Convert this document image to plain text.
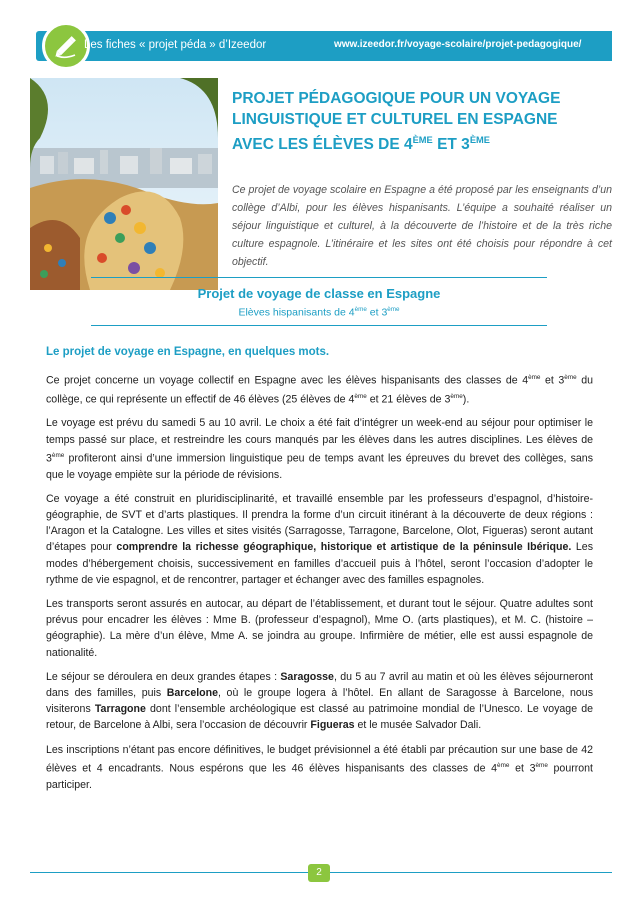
Les fiches « projet péda » d’Izeedor	www.izeedor.fr/voyage-scolaire/projet-pedagogique/
PROJET PÉDAGOGIQUE POUR UN VOYAGE
LINGUISTIQUE ET CULTUREL EN ESPAGNE
AVEC LES ÉLÈVES DE 4ÈME ET 3ÈME

Ce projet de voyage scolaire en Espagne a été proposé par les enseignants d’un collège d’Albi, pour les élèves hispanisants. L’équipe a souhaité réaliser un séjour linguistique et culturel, à la découverte de l’histoire et de la très riche culture espagnole. L’itinéraire et les sites ont été choisis pour répondre à cet objectif.

Projet de voyage de classe en Espagne

Elèves hispanisants de 4ème et 3ème

Le projet de voyage en Espagne, en quelques mots.

Ce projet concerne un voyage collectif en Espagne avec les élèves hispanisants des classes de 4ème et 3ème du collège, ce qui représente un effectif de 46 élèves (25 élèves de 4ème et 21 élèves de 3ème).

Le voyage est prévu du samedi 5 au 10 avril. Le choix a été fait d’intégrer un week-end au séjour pour optimiser le temps passé sur place, et restreindre les cours manqués par les élèves dans les autres disciplines. Les élèves de 3ème profiteront ainsi d’une immersion linguistique peu de temps avant les épreuves du brevet des collèges, sans que le voyage empiète sur la période de révisions.

Ce voyage a été construit en pluridisciplinarité, et travaillé ensemble par les professeurs d’espagnol, d’histoire-géographie, de SVT et d’arts plastiques. Il prendra la forme d’un circuit itinérant à la découverte de deux régions : l’Aragon et la Catalogne. Les villes et sites visités (Sarragosse, Tarragone, Barcelone, Olot, Figueras) seront autant d’étapes pour comprendre la richesse géographique, historique et artistique de la péninsule Ibérique. Les modes d’hébergement choisis, successivement en familles d’accueil puis à l’hôtel, seront l’occasion d’adopter le rythme de vie espagnol, et de rencontrer, partager et échanger avec des familles espagnoles.

Les transports seront assurés en autocar, au départ de l’établissement, et durant tout le séjour. Quatre adultes sont prévus pour encadrer les élèves : Mme B. (professeur d’espagnol), Mme O. (arts plastiques), et M. C. (histoire – géographie). La mère d’un élève, Mme A. se joindra au groupe. Infirmière de métier, elle est aussi espagnole de nationalité.

Le séjour se déroulera en deux grandes étapes : Saragosse, du 5 au 7 avril au matin et où les élèves séjourneront dans des familles, puis Barcelone, où le groupe logera à l’hôtel. En allant de Saragosse à Barcelone, nous visiterons Tarragone dont l’ensemble archéologique est classé au patrimoine mondial de l’Unesco. Le voyage de retour, de Barcelone à Albi, sera l’occasion de découvrir Figueras et le musée Salvador Dali.

Les inscriptions n’étant pas encore définitives, le budget prévisionnel a été établi par précaution sur une base de 42 élèves et 4 encadrants. Nous espérons que les 46 élèves hispanisants des classes de 4ème et 3ème pourront participer.

2
